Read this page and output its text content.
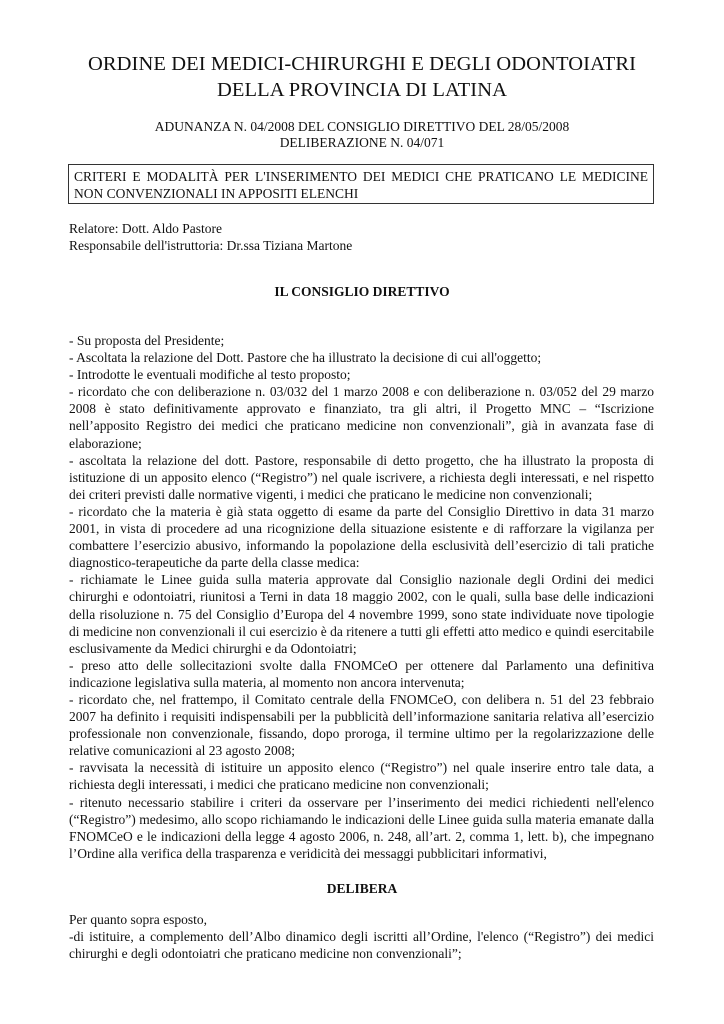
ORDINE DEI MEDICI-CHIRURGHI E DEGLI ODONTOIATRI
DELLA PROVINCIA DI LATINA
ADUNANZA N. 04/2008 DEL CONSIGLIO DIRETTIVO DEL 28/05/2008
DELIBERAZIONE N. 04/071
CRITERI E MODALITÀ PER L'INSERIMENTO DEI MEDICI CHE PRATICANO LE MEDICINE NON CONVENZIONALI IN APPOSITI ELENCHI
Relatore: Dott. Aldo Pastore
Responsabile dell'istruttoria: Dr.ssa Tiziana Martone
IL CONSIGLIO DIRETTIVO

- Su proposta del Presidente;

- Ascoltata la relazione del Dott. Pastore che ha illustrato la decisione di cui all'oggetto;

- Introdotte le eventuali modifiche al testo proposto;

- ricordato che con deliberazione n. 03/032 del 1 marzo 2008 e con deliberazione n. 03/052 del 29 marzo 2008 è stato definitivamente approvato e finanziato, tra gli altri, il Progetto MNC – “Iscrizione nell’apposito Registro dei medici che praticano medicine non convenzionali”, già in avanzata fase di elaborazione;

- ascoltata la relazione del dott. Pastore, responsabile di detto progetto, che ha illustrato la proposta di istituzione di un apposito elenco (“Registro”) nel quale iscrivere, a richiesta degli interessati, e nel rispetto dei criteri previsti dalle normative vigenti, i medici che praticano le medicine non convenzionali;

- ricordato che la materia è già stata oggetto di esame da parte del Consiglio Direttivo in data 31 marzo 2001, in vista di procedere ad una ricognizione della situazione esistente e di rafforzare la vigilanza per combattere l’esercizio abusivo, informando la popolazione della esclusività dell’esercizio di tali pratiche diagnostico-terapeutiche da parte della classe medica:

- richiamate le Linee guida sulla materia approvate dal Consiglio nazionale degli Ordini dei medici chirurghi e odontoiatri, riunitosi a Terni in data 18 maggio 2002, con le quali, sulla base delle indicazioni della risoluzione n. 75 del Consiglio d’Europa del 4 novembre 1999, sono state individuate nove tipologie di medicine non convenzionali il cui esercizio è da ritenere a tutti gli effetti atto medico e quindi esercitabile esclusivamente da Medici chirurghi e da Odontoiatri;

- preso atto delle sollecitazioni svolte dalla FNOMCeO per ottenere dal Parlamento una definitiva indicazione legislativa sulla materia, al momento non ancora intervenuta;

- ricordato che, nel frattempo, il Comitato centrale della FNOMCeO, con delibera n. 51 del 23 febbraio 2007 ha definito i requisiti indispensabili per la pubblicità dell’informazione sanitaria relativa all’esercizio professionale non convenzionale, fissando, dopo proroga, il termine ultimo per la regolarizzazione delle relative comunicazioni al 23 agosto 2008;

- ravvisata la necessità di istituire un apposito elenco (“Registro”) nel quale inserire entro tale data, a richiesta degli interessati, i medici che praticano medicine non convenzionali;

- ritenuto necessario stabilire i criteri da osservare per l’inserimento dei medici richiedenti nell'elenco (“Registro”) medesimo, allo scopo richiamando le indicazioni delle Linee guida sulla materia emanate dalla FNOMCeO e le indicazioni della legge 4 agosto 2006, n. 248, all’art. 2, comma 1, lett. b), che impegnano l’Ordine alla verifica della trasparenza e veridicità dei messaggi pubblicitari informativi,

DELIBERA

Per quanto sopra esposto,

-di istituire, a complemento dell’Albo dinamico degli iscritti all’Ordine, l'elenco (“Registro”) dei medici chirurghi e degli odontoiatri che praticano medicine non convenzionali”;
